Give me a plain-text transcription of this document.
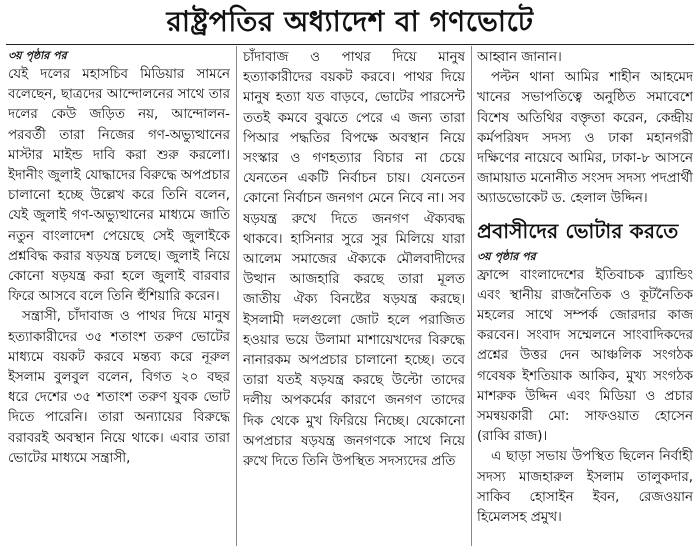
রাষ্ট্রপতির অধ্যাদেশ বা গণভোটে
৩য় পৃষ্ঠার পর

যেই দলের মহাসচিব মিডিয়ার সামনে বলেছেন, ছাত্রদের আন্দোলনের সাথে তার দলের কেউ জড়িত নয়, আন্দোলন-পরবর্তী তারা নিজের গণ-অভ্যুত্থানের মাস্টার মাইন্ড দাবি করা শুরু করলো। ইদানীং জুলাই যোদ্ধাদের বিরুদ্ধে অপপ্রচার চালানো হচ্ছে উল্লেখ করে তিনি বলেন, যেই জুলাই গণ-অভ্যুত্থানের মাধ্যমে জাতি নতুন বাংলাদেশ পেয়েছে সেই জুলাইকে প্রশ্নবিদ্ধ করার ষড়যন্ত্র চলছে। জুলাই নিয়ে কোনো ষড়যন্ত্র করা হলে জুলাই বারবার ফিরে আসবে বলে তিনি হুঁশিয়ারি করেন।

সন্ত্রাসী, চাঁদাবাজ ও পাথর দিয়ে মানুষ হত্যাকারীদের ৩৫ শতাংশ তরুণ ভোটের মাধ্যমে বয়কট করবে মন্তব্য করে নূরুল ইসলাম বুলবুল বলেন, বিগত ২০ বছর ধরে দেশের ৩৫ শতাংশ তরুণ যুবক ভোট দিতে পারেনি। তারা অন্যায়ের বিরুদ্ধে বরাবরই অবস্থান নিয়ে থাকে। এবার তারা ভোটের মাধ্যমে সন্ত্রাসী,

চাঁদাবাজ ও পাথর দিয়ে মানুষ হত্যাকারীদের বয়কট করবে। পাথর দিয়ে মানুষ হত্যা যত বাড়বে, ভোটের পারসেন্ট ততই কমবে বুঝতে পেরে এ জন্য তারা পিআর পদ্ধতির বিপক্ষে অবস্থান নিয়ে সংস্কার ও গণহত্যার বিচার না চেয়ে যেনতেন একটি নির্বাচন চায়। যেনতেন কোনো নির্বাচন জনগণ মেনে নিবে না। সব ষড়যন্ত্র রুখে দিতে জনগণ ঐক্যবদ্ধ থাকবে। হাসিনার সুরে সুর মিলিয়ে যারা আলেম সমাজের ঐক্যকে মৌলবাদীদের উত্থান আজহারি করছে তারা মূলত জাতীয় ঐক্য বিনষ্টের ষড়যন্ত্র করছে। ইসলামী দলগুলো জোট হলে পরাজিত হওয়ার ভয়ে উলামা মাশায়েখদের বিরুদ্ধে নানারকম অপপ্রচার চালানো হচ্ছে। তবে তারা যতই ষড়যন্ত্র করছে উল্টো তাদের দলীয় অপকর্মের কারণে জনগণ তাদের দিক থেকে মুখ ফিরিয়ে নিচ্ছে। যেকোনো অপপ্রচার ষড়যন্ত্র জনগণকে সাথে নিয়ে রুখে দিতে তিনি উপস্থিত সদস্যদের প্রতি

আহ্বান জানান।

পল্টন থানা আমির শাহীন আহমেদ খানের সভাপতিত্বে অনুষ্ঠিত সমাবেশে বিশেষ অতিথির বক্তৃতা করেন, কেন্দ্রীয় কর্মপরিষদ সদস্য ও ঢাকা মহানগরী দক্ষিণের নায়েবে আমির, ঢাকা-৮ আসনে জামায়াত মনোনীত সংসদ সদস্য পদপ্রার্থী অ্যাডভোকেট ড. হেলাল উদ্দিন।

প্রবাসীদের ভোটার করতে
৩য় পৃষ্ঠার পর

ফ্রান্সে বাংলাদেশের ইতিবাচক ব্র্যান্ডিং এবং স্থানীয় রাজনৈতিক ও কূটনৈতিক মহলের সাথে সম্পর্ক জোরদার কাজ করবেন। সংবাদ সম্মেলনে সাংবাদিকদের প্রশ্নের উত্তর দেন আঞ্চলিক সংগঠক গবেষক ইশতিয়াক আকিব, মুখ্য সংগঠক মাশরুক উদ্দিন এবং মিডিয়া ও প্রচার সমন্বয়কারী মো: সাফওয়াত হোসেন (রাব্বি রাজ)।

এ ছাড়া সভায় উপস্থিত ছিলেন নির্বাহী সদস্য মাজহারুল ইসলাম তালুকদার, সাকিব হোসাইন ইবন, রেজওয়ান হিমেলসহ প্রমুখ।
